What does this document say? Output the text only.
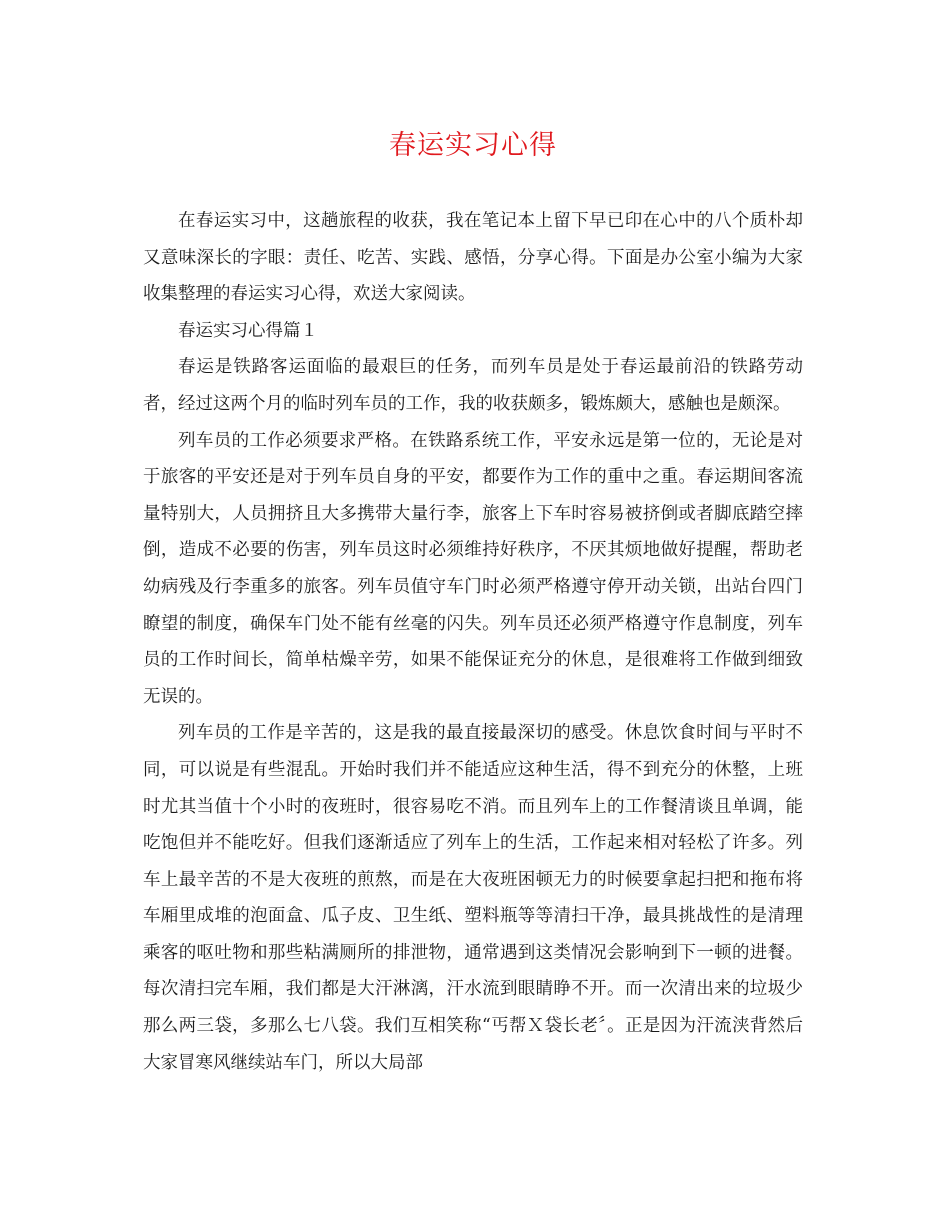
春运实习心得

在春运实习中，这趟旅程的收获，我在笔记本上留下早已印在心中的八个质朴却又意味深长的字眼：责任、吃苦、实践、感悟，分享心得。下面是办公室小编为大家收集整理的春运实习心得，欢送大家阅读。

春运实习心得篇１

春运是铁路客运面临的最艰巨的任务，而列车员是处于春运最前沿的铁路劳动者，经过这两个月的临时列车员的工作，我的收获颇多，锻炼颇大，感触也是颇深。

列车员的工作必须要求严格。在铁路系统工作，平安永远是第一位的，无论是对于旅客的平安还是对于列车员自身的平安，都要作为工作的重中之重。春运期间客流量特别大，人员拥挤且大多携带大量行李，旅客上下车时容易被挤倒或者脚底踏空摔倒，造成不必要的伤害，列车员这时必须维持好秩序，不厌其烦地做好提醒，帮助老幼病残及行李重多的旅客。列车员值守车门时必须严格遵守停开动关锁，出站台四门瞭望的制度，确保车门处不能有丝毫的闪失。列车员还必须严格遵守作息制度，列车员的工作时间长，简单枯燥辛劳，如果不能保证充分的休息，是很难将工作做到细致无误的。

列车员的工作是辛苦的，这是我的最直接最深切的感受。休息饮食时间与平时不同，可以说是有些混乱。开始时我们并不能适应这种生活，得不到充分的休整，上班时尤其当值十个小时的夜班时，很容易吃不消。而且列车上的工作餐清谈且单调，能吃饱但并不能吃好。但我们逐渐适应了列车上的生活，工作起来相对轻松了许多。列车上最辛苦的不是大夜班的煎熬，而是在大夜班困顿无力的时候要拿起扫把和拖布将车厢里成堆的泡面盒、瓜子皮、卫生纸、塑料瓶等等清扫干净，最具挑战性的是清理乘客的呕吐物和那些粘满厕所的排泄物，通常遇到这类情况会影响到下一顿的进餐。每次清扫完车厢，我们都是大汗淋漓，汗水流到眼睛睁不开。而一次清出来的垃圾少那么两三袋，多那么七八袋。我们互相笑称“丐帮Ｘ袋长老〞。正是因为汗流浃背然后大家冒寒风继续站车门，所以大局部
